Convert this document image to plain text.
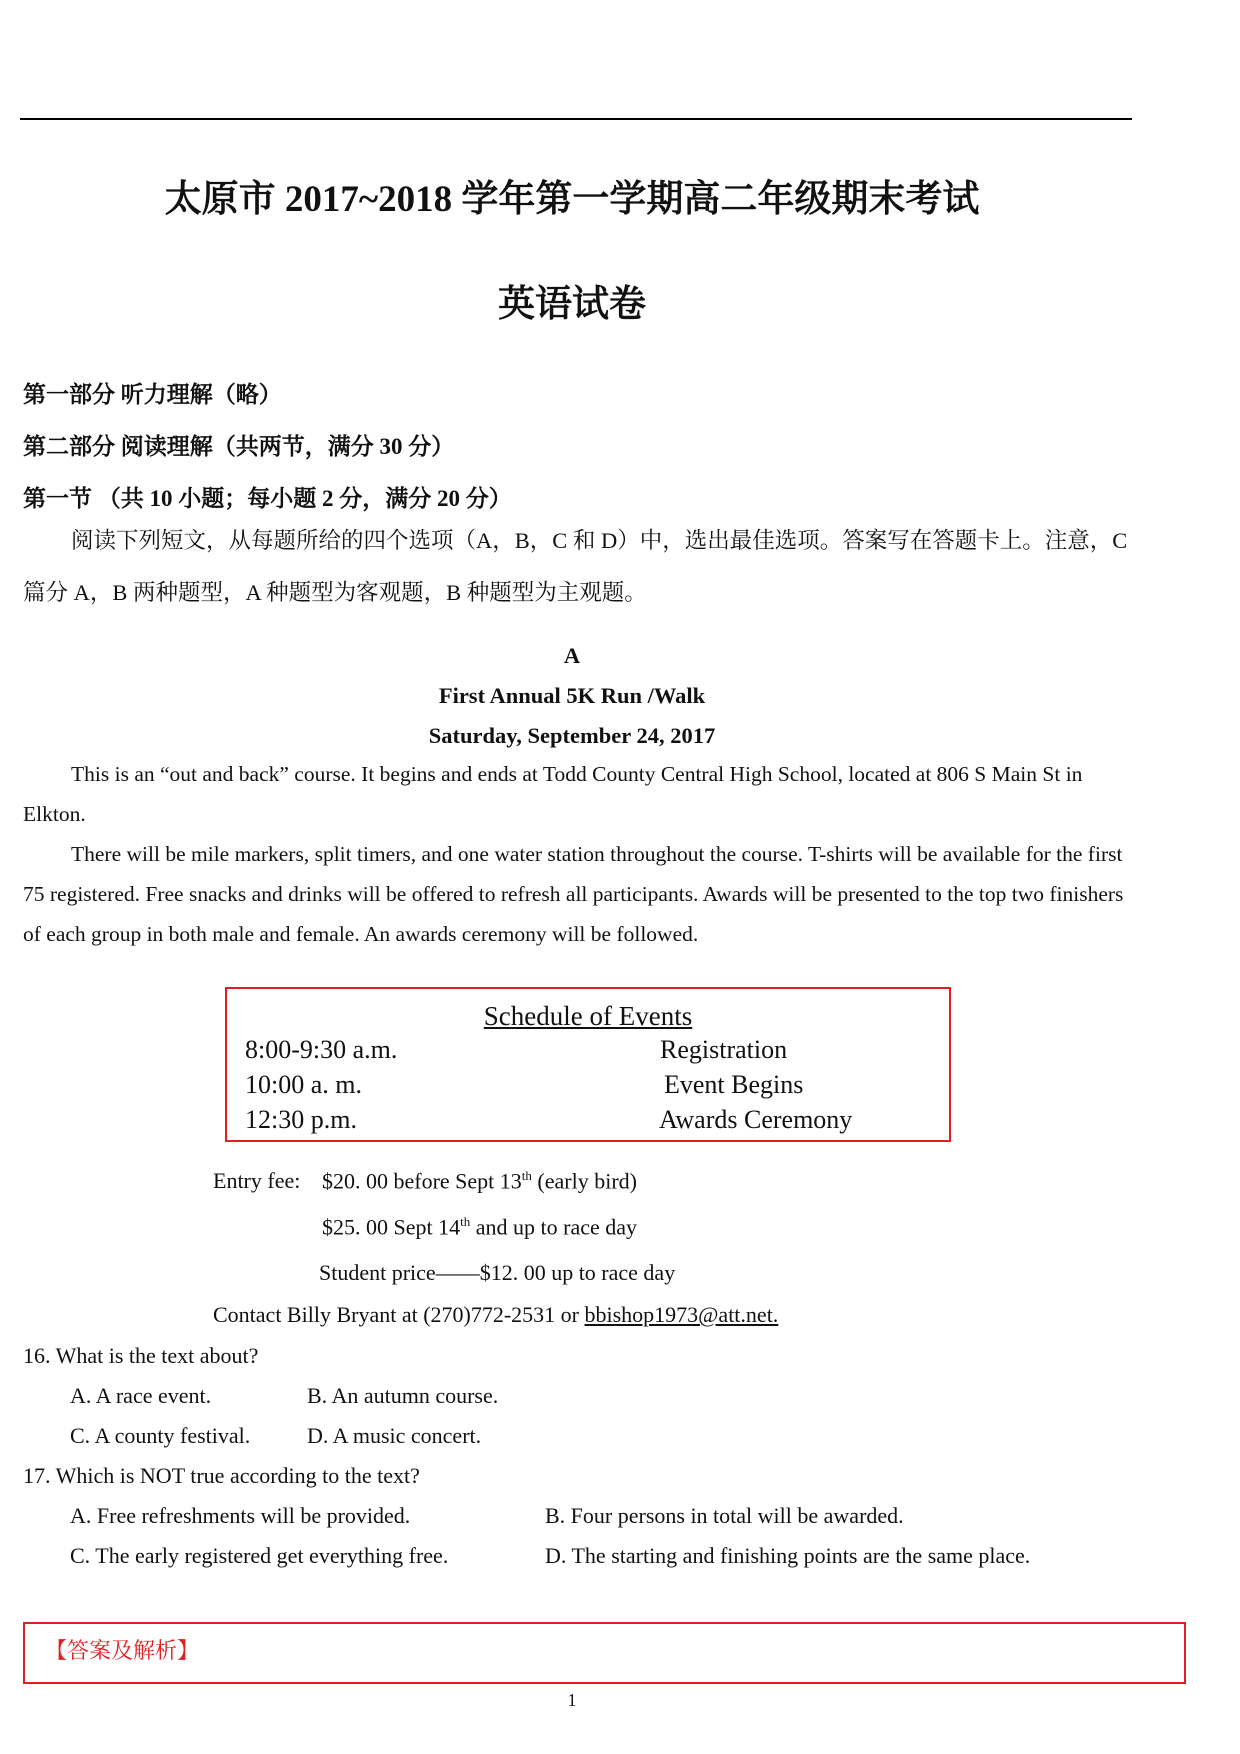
太原市 2017~2018 学年第一学期高二年级期末考试
英语试卷
第一部分 听力理解（略）
第二部分 阅读理解（共两节，满分 30 分）
第一节 （共 10 小题；每小题 2 分，满分 20 分）
阅读下列短文，从每题所给的四个选项（A，B，C 和 D）中，选出最佳选项。答案写在答题卡上。注意，C 篇分 A，B 两种题型，A 种题型为客观题，B 种题型为主观题。
A
First Annual 5K Run /Walk
Saturday, September 24, 2017
This is an “out and back” course. It begins and ends at Todd County Central High School, located at 806 S Main St in Elkton.
There will be mile markers, split timers, and one water station throughout the course. T-shirts will be available for the first 75 registered. Free snacks and drinks will be offered to refresh all participants. Awards will be presented to the top two finishers of each group in both male and female. An awards ceremony will be followed.
Schedule of Events
8:00-9:30 a.m.	Registration
10:00 a. m.	Event Begins
12:30 p.m.	Awards Ceremony
Entry fee: $20. 00 before Sept 13th (early bird)
$25. 00 Sept 14th and up to race day
Student price——$12. 00 up to race day
Contact Billy Bryant at (270)772-2531 or bbishop1973@att.net.
16. What is the text about?
A. A race event.	B. An autumn course.
C. A county festival.	D. A music concert.
17. Which is NOT true according to the text?
A. Free refreshments will be provided.	B. Four persons in total will be awarded.
C. The early registered get everything free.	D. The starting and finishing points are the same place.
【答案及解析】
1
